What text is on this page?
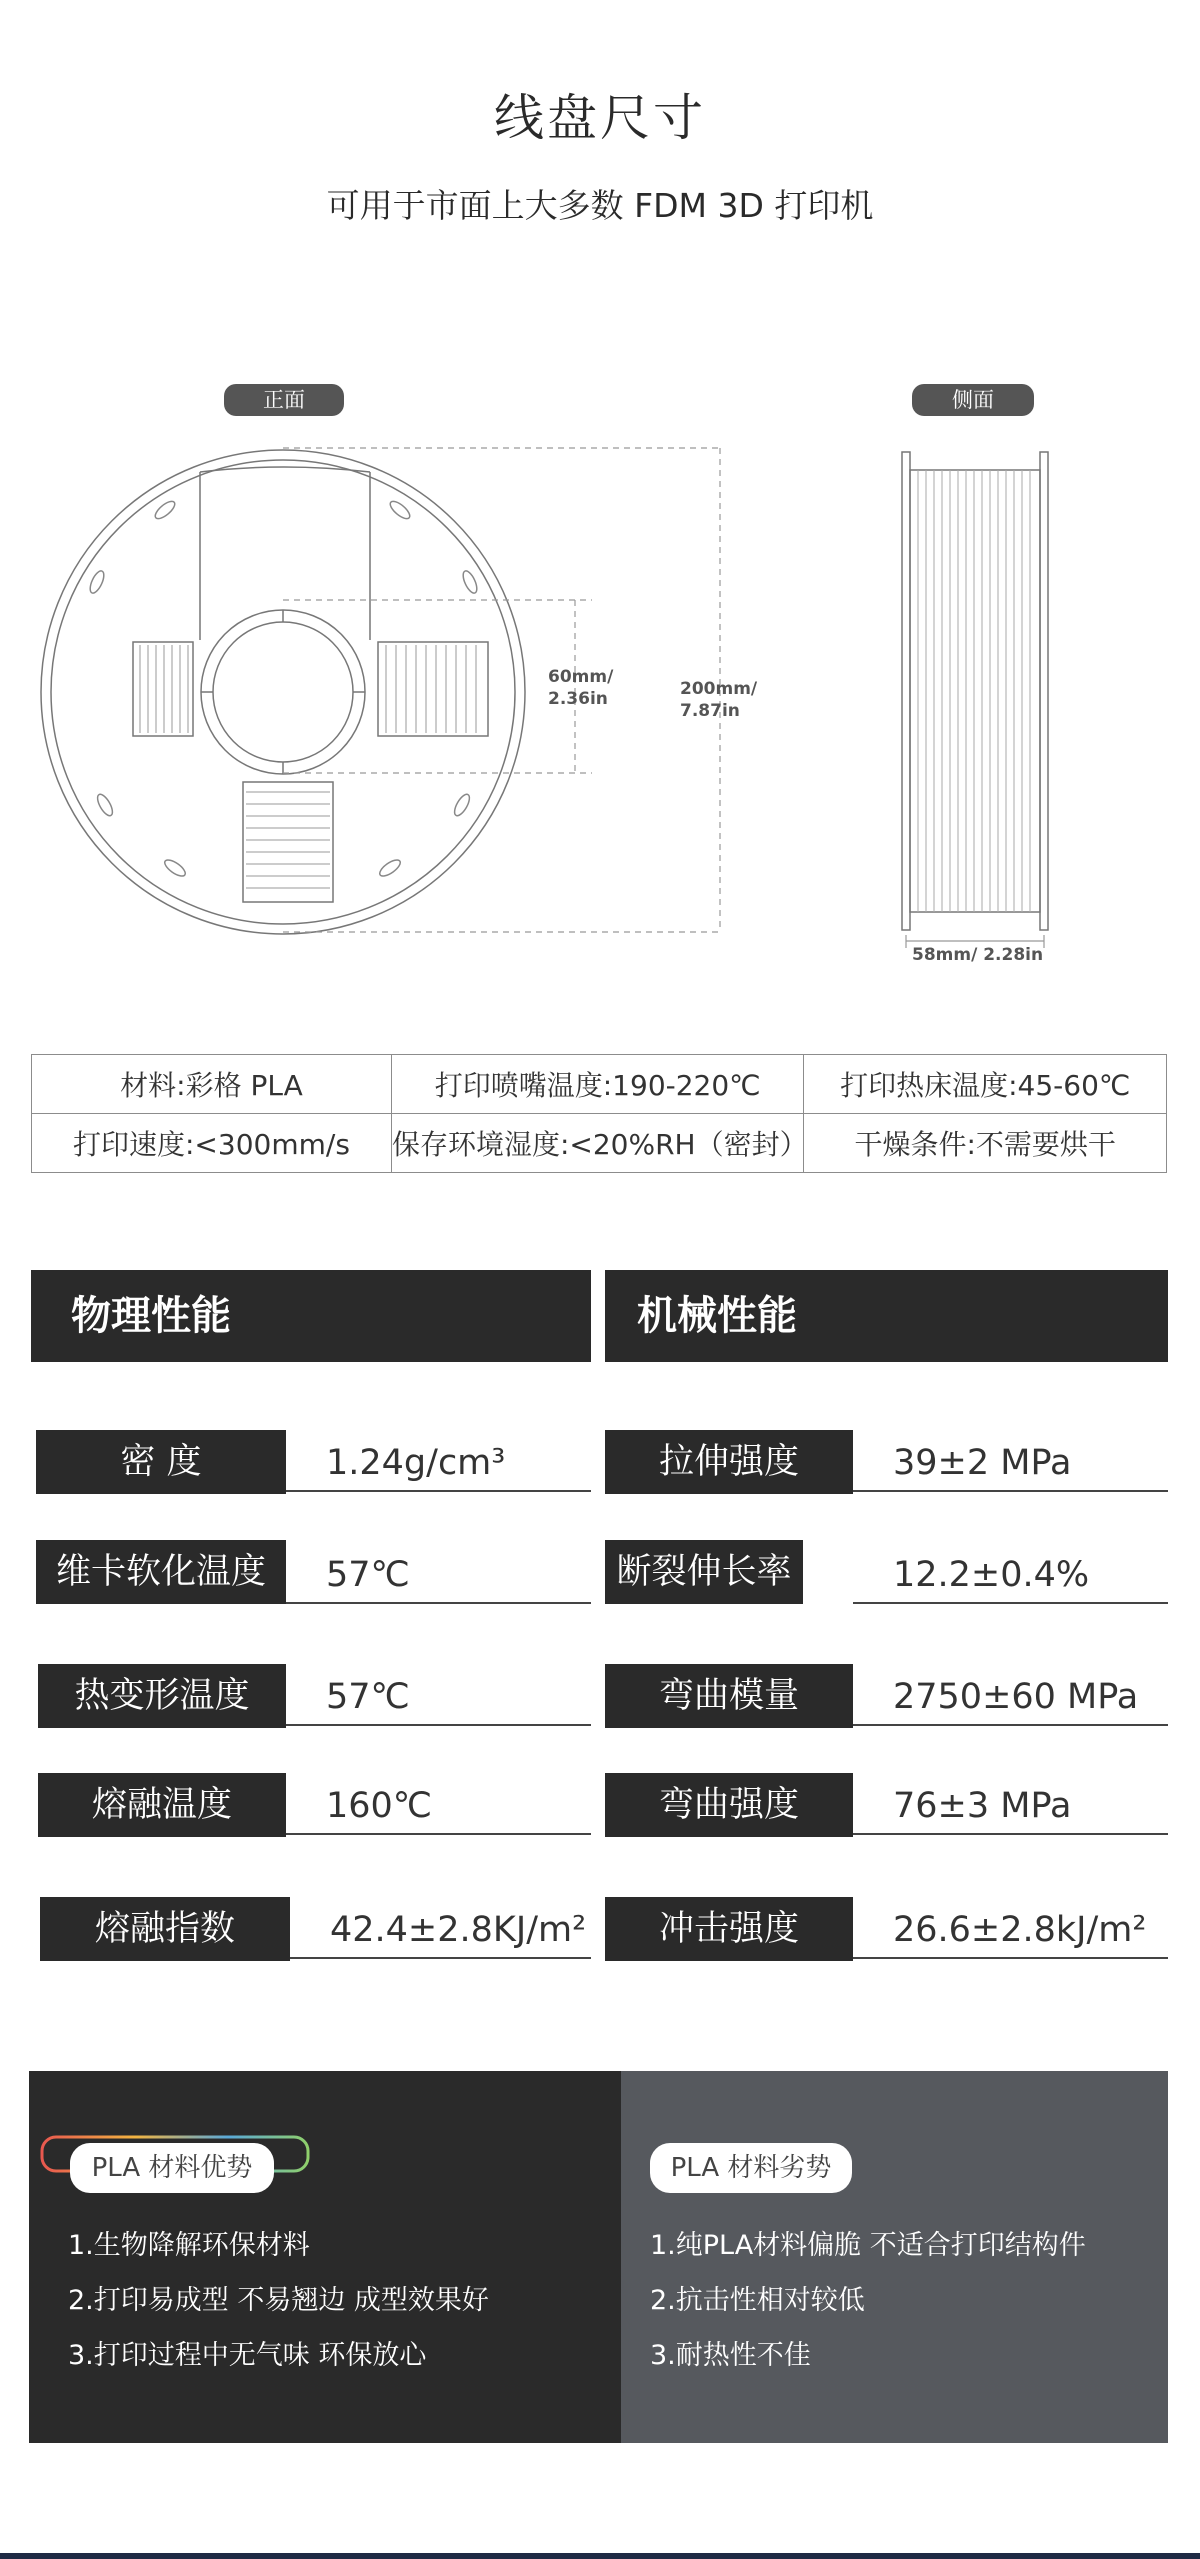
线盘尺寸
可用于市面上大多数 FDM 3D 打印机
正面	侧面
60mm/
2.36in	200mm/
7.87in
58mm/ 2.28in
材料:彩格 PLA	打印喷嘴温度:190-220℃	打印热床温度:45-60℃
打印速度:<300mm/s	保存环境湿度:<20%RH（密封）	干燥条件:不需要烘干
物理性能	机械性能
密 度	1.24g/cm³
维卡软化温度	57℃
热变形温度	57℃
熔融温度	160℃
熔融指数	42.4±2.8KJ/m²
拉伸强度	39±2 MPa
断裂伸长率	12.2±0.4%
弯曲模量	2750±60 MPa
弯曲强度	76±3 MPa
冲击强度	26.6±2.8kJ/m²
PLA 材料优势	PLA 材料劣势
1.生物降解环保材料
2.打印易成型 不易翘边 成型效果好
3.打印过程中无气味 环保放心
1.纯PLA材料偏脆 不适合打印结构件
2.抗击性相对较低
3.耐热性不佳
